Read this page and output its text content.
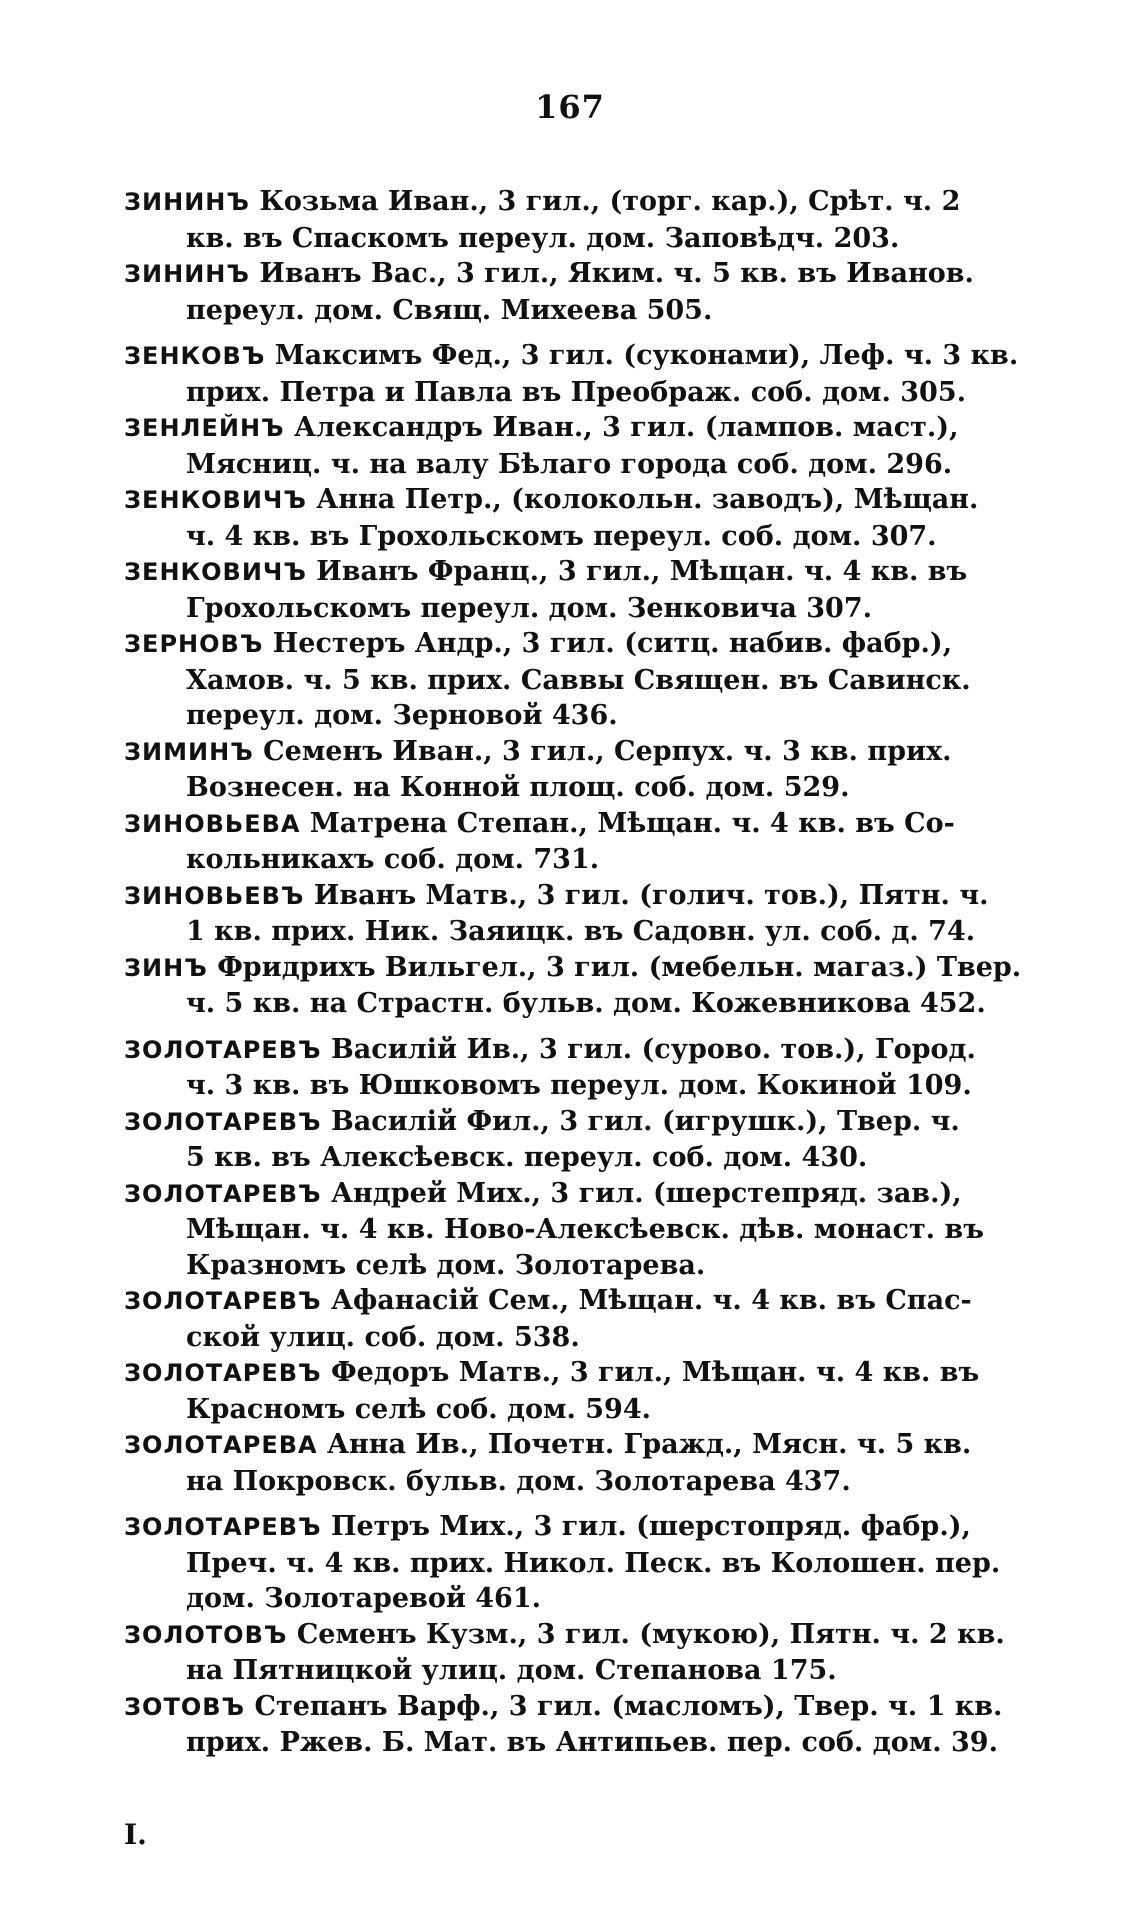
167
ЗИНИНЪ Козьма Иван., 3 гил., (торг. кар.), Срѣт. ч. 2
кв. въ Спаскомъ переул. дом. Заповѣдч. 203.
ЗИНИНЪ Иванъ Вас., 3 гил., Яким. ч. 5 кв. въ Иванов.
переул. дом. Свящ. Михеева 505.
ЗЕНКОВЪ Максимъ Фед., 3 гил. (суконами), Леф. ч. 3 кв.
прих. Петра и Павла въ Преображ. соб. дом. 305.
ЗЕНЛЕЙНЪ Александръ Иван., 3 гил. (лампов. маст.),
Мясниц. ч. на валу Бѣлаго города соб. дом. 296.
ЗЕНКОВИЧЪ Анна Петр., (колокольн. заводъ), Мѣщан.
ч. 4 кв. въ Грохольскомъ переул. соб. дом. 307.
ЗЕНКОВИЧЪ Иванъ Франц., 3 гил., Мѣщан. ч. 4 кв. въ
Грохольскомъ переул. дом. Зенковича 307.
ЗЕРНОВЪ Нестеръ Андр., 3 гил. (ситц. набив. фабр.),
Хамов. ч. 5 кв. прих. Саввы Священ. въ Савинск.
переул. дом. Зерновой 436.
ЗИМИНЪ Семенъ Иван., 3 гил., Серпух. ч. 3 кв. прих.
Вознесен. на Конной площ. соб. дом. 529.
ЗИНОВЬЕВА Матрена Степан., Мѣщан. ч. 4 кв. въ Со-
кольникахъ соб. дом. 731.
ЗИНОВЬЕВЪ Иванъ Матв., 3 гил. (голич. тов.), Пятн. ч.
1 кв. прих. Ник. Заяицк. въ Садовн. ул. соб. д. 74.
ЗИНЪ Фридрихъ Вильгел., 3 гил. (мебельн. магаз.) Твер.
ч. 5 кв. на Страстн. бульв. дом. Кожевникова 452.
ЗОЛОТАРЕВЪ Василій Ив., 3 гил. (сурово. тов.), Город.
ч. 3 кв. въ Юшковомъ переул. дом. Кокиной 109.
ЗОЛОТАРЕВЪ Василій Фил., 3 гил. (игрушк.), Твер. ч.
5 кв. въ Алексѣевск. переул. соб. дом. 430.
ЗОЛОТАРЕВЪ Андрей Мих., 3 гил. (шерстепряд. зав.),
Мѣщан. ч. 4 кв. Ново-Алексѣевск. дѣв. монаст. въ
Кразномъ селѣ дом. Золотарева.
ЗОЛОТАРЕВЪ Афанасій Сем., Мѣщан. ч. 4 кв. въ Спас-
ской улиц. соб. дом. 538.
ЗОЛОТАРЕВЪ Федоръ Матв., 3 гил., Мѣщан. ч. 4 кв. въ
Красномъ селѣ соб. дом. 594.
ЗОЛОТАРЕВА Анна Ив., Почетн. Гражд., Мясн. ч. 5 кв.
на Покровск. бульв. дом. Золотарева 437.
ЗОЛОТАРЕВЪ Петръ Мих., 3 гил. (шерстопряд. фабр.),
Преч. ч. 4 кв. прих. Никол. Песк. въ Колошен. пер.
дом. Золотаревой 461.
ЗОЛОТОВЪ Семенъ Кузм., 3 гил. (мукою), Пятн. ч. 2 кв.
на Пятницкой улиц. дом. Степанова 175.
ЗОТОВЪ Степанъ Варф., 3 гил. (масломъ), Твер. ч. 1 кв.
прих. Ржев. Б. Мат. въ Антипьев. пер. соб. дом. 39.
I.
